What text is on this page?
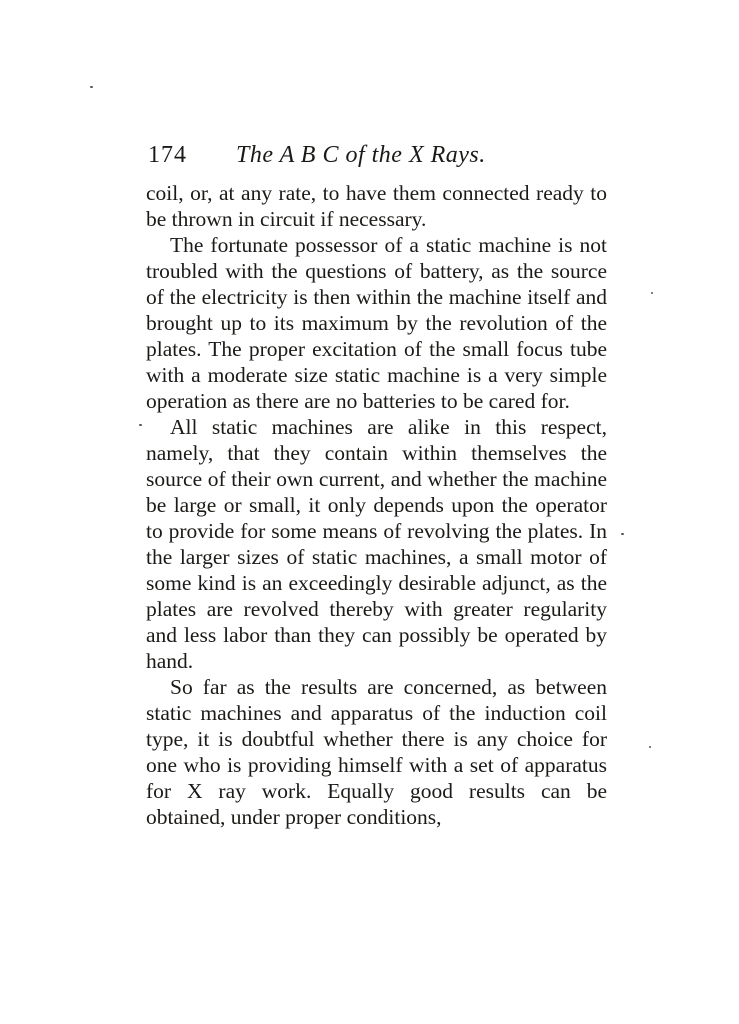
174 The A B C of the X Rays.

coil, or, at any rate, to have them connected ready to be thrown in circuit if necessary.

The fortunate possessor of a static machine is not troubled with the questions of battery, as the source of the electricity is then within the machine itself and brought up to its maximum by the revolution of the plates. The proper excitation of the small focus tube with a moderate size static machine is a very simple operation as there are no batteries to be cared for.

All static machines are alike in this respect, namely, that they contain within themselves the source of their own current, and whether the machine be large or small, it only depends upon the operator to provide for some means of revolving the plates. In the larger sizes of static machines, a small motor of some kind is an exceedingly desirable adjunct, as the plates are revolved thereby with greater regularity and less labor than they can possibly be operated by hand.

So far as the results are concerned, as between static machines and apparatus of the induction coil type, it is doubtful whether there is any choice for one who is providing himself with a set of apparatus for X ray work. Equally good results can be obtained, under proper conditions,
